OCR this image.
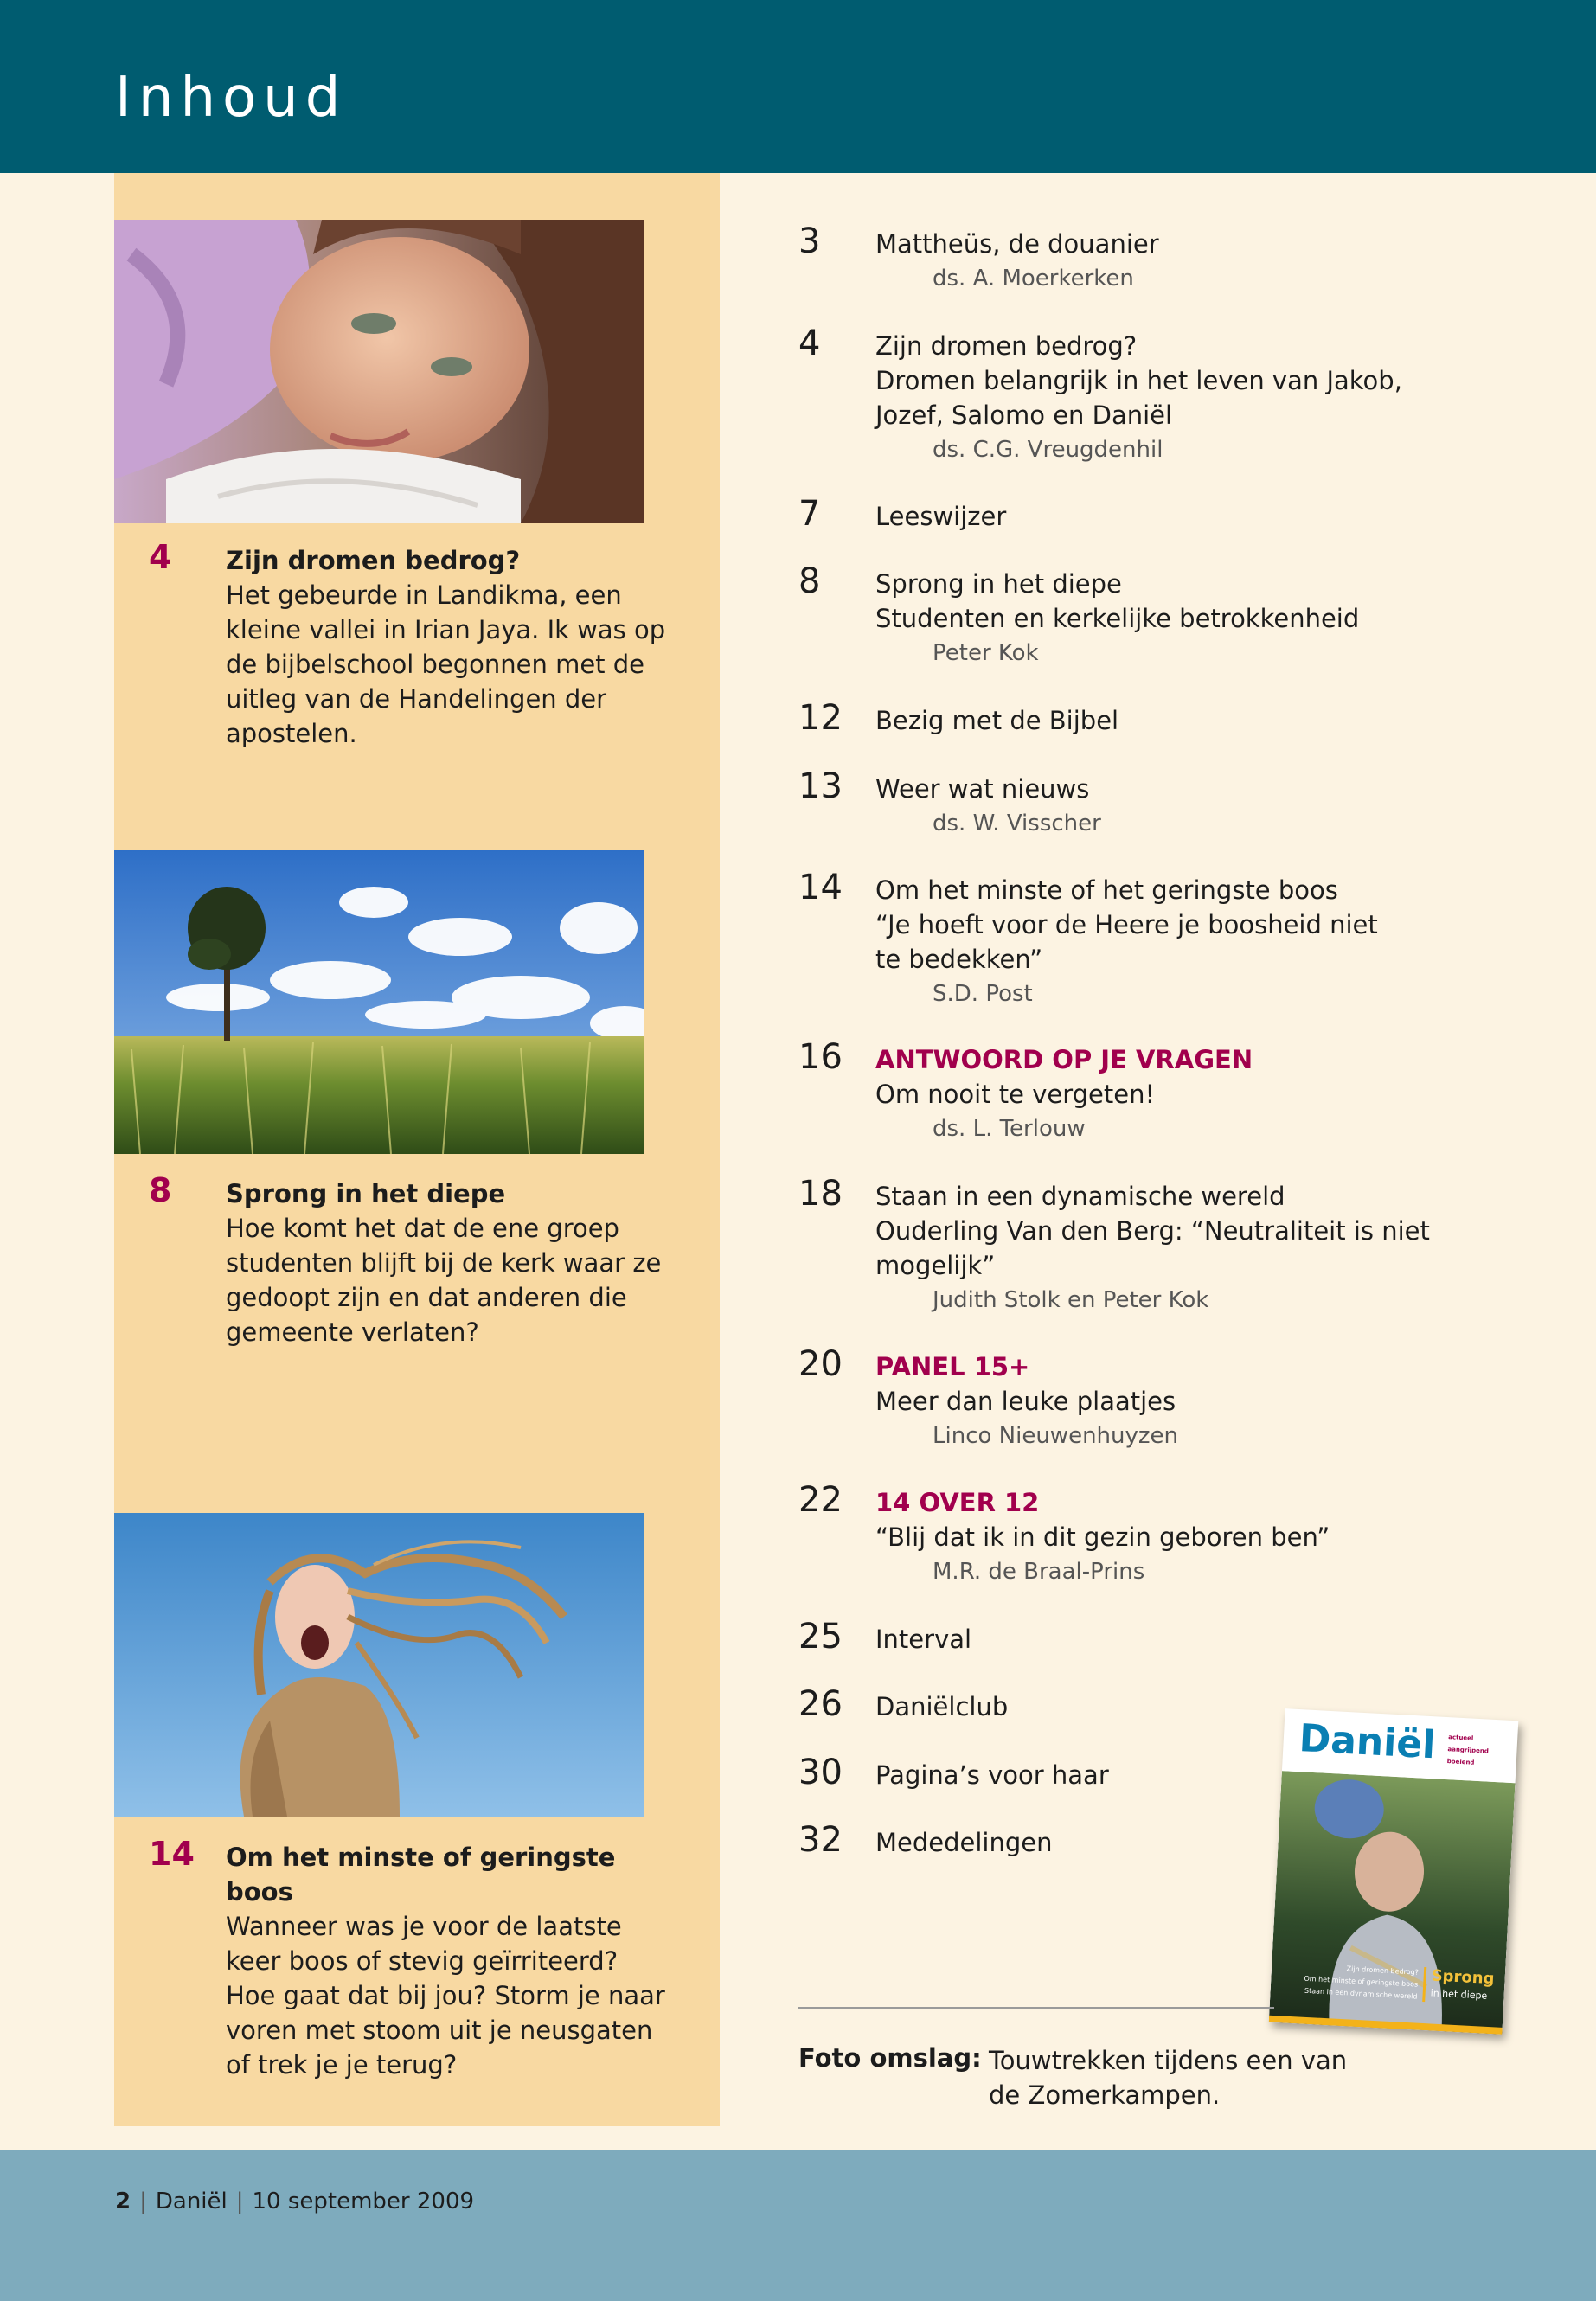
Inhoud
4 Zijn dromen bedrog?
Het gebeurde in Landikma, een
kleine vallei in Irian Jaya. Ik was op
de bijbelschool begonnen met de
uitleg van de Handelingen der
apostelen.
8 Sprong in het diepe
Hoe komt het dat de ene groep
studenten blijft bij de kerk waar ze
gedoopt zijn en dat anderen die
gemeente verlaten?
14 Om het minste of geringste boos
Wanneer was je voor de laatste
keer boos of stevig geïrriteerd?
Hoe gaat dat bij jou? Storm je naar
voren met stoom uit je neusgaten
of trek je je terug?
3 Mattheüs, de douanier
ds. A. Moerkerken
4 Zijn dromen bedrog?
Dromen belangrijk in het leven van Jakob,
Jozef, Salomo en Daniël
ds. C.G. Vreugdenhil
7 Leeswijzer
8 Sprong in het diepe
Studenten en kerkelijke betrokkenheid
Peter Kok
12 Bezig met de Bijbel
13 Weer wat nieuws
ds. W. Visscher
14 Om het minste of het geringste boos
“Je hoeft voor de Heere je boosheid niet
te bedekken”
S.D. Post
16 ANTWOORD OP JE VRAGEN
Om nooit te vergeten!
ds. L. Terlouw
18 Staan in een dynamische wereld
Ouderling Van den Berg: “Neutraliteit is niet
mogelijk”
Judith Stolk en Peter Kok
20 PANEL 15+
Meer dan leuke plaatjes
Linco Nieuwenhuyzen
22 14 OVER 12
“Blij dat ik in dit gezin geboren ben”
M.R. de Braal-Prins
25 Interval
26 Daniëlclub
30 Pagina’s voor haar
32 Mededelingen
Daniël actueel
aangrijpend
boeiend
Zijn dromen bedrog?
Om het minste of geringste boos
Staan in een dynamische wereld
Sprong
in het diepe
Foto omslag: Touwtrekken tijdens een van
de Zomerkampen.
2 | Daniël | 10 september 2009
